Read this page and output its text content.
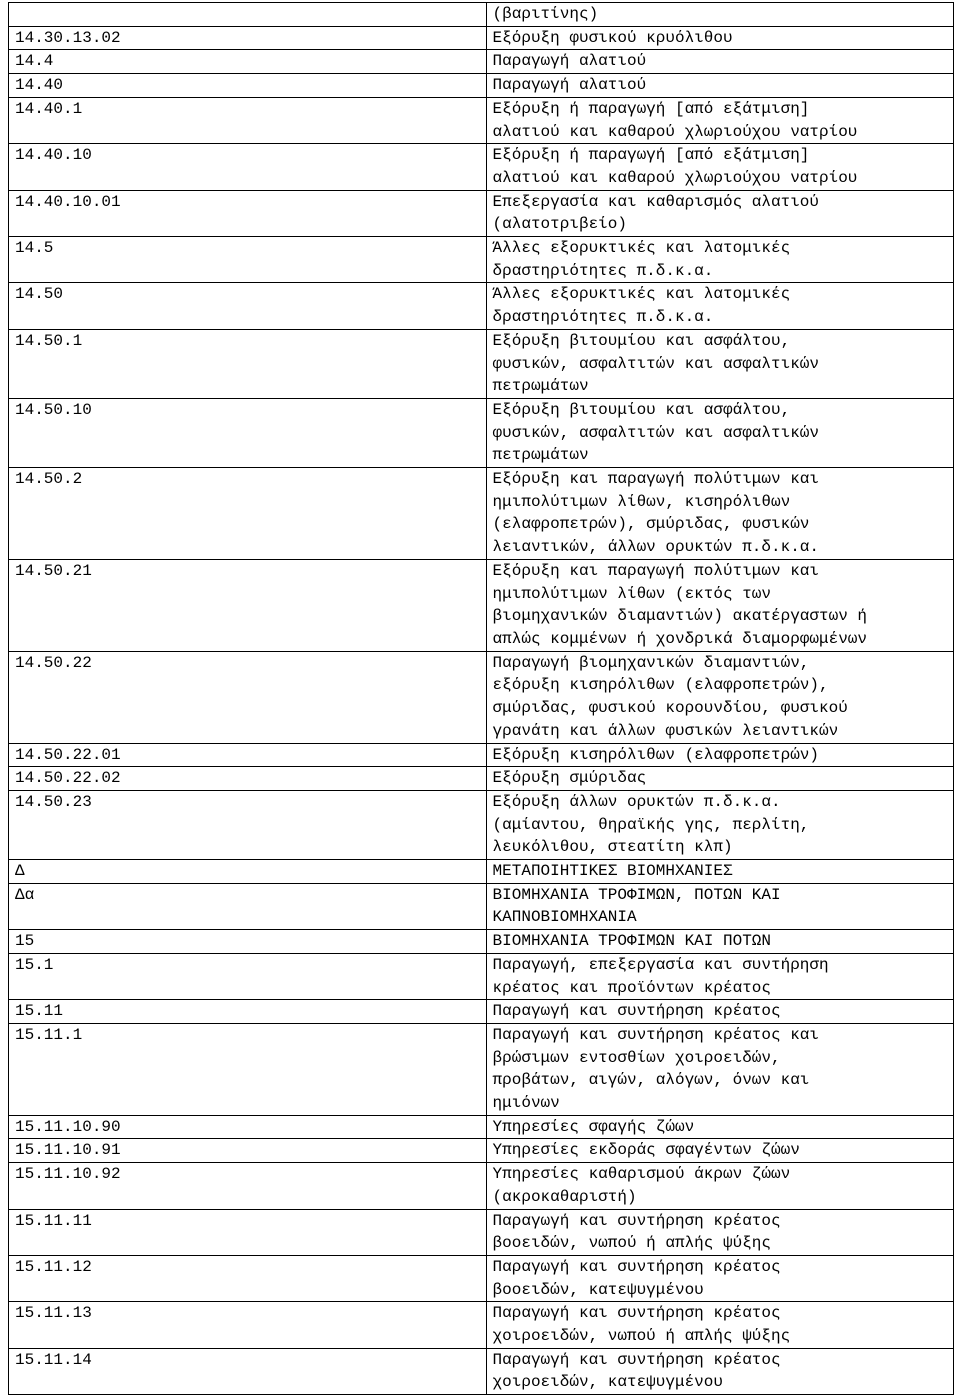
	(βαριτίνης)
14.30.13.02	Εξόρυξη φυσικού κρυόλιθου
14.4	Παραγωγή αλατιού
14.40	Παραγωγή αλατιού
14.40.1	Εξόρυξη ή παραγωγή [από εξάτμιση]
αλατιού και καθαρού χλωριούχου νατρίου
14.40.10	Εξόρυξη ή παραγωγή [από εξάτμιση]
αλατιού και καθαρού χλωριούχου νατρίου
14.40.10.01	Επεξεργασία και καθαρισμός αλατιού
(αλατοτριβείο)
14.5	Άλλες εξορυκτικές και λατομικές
δραστηριότητες π.δ.κ.α.
14.50	Άλλες εξορυκτικές και λατομικές
δραστηριότητες π.δ.κ.α.
14.50.1	Εξόρυξη βιτουμίου και ασφάλτου,
φυσικών, ασφαλτιτών και ασφαλτικών
πετρωμάτων
14.50.10	Εξόρυξη βιτουμίου και ασφάλτου,
φυσικών, ασφαλτιτών και ασφαλτικών
πετρωμάτων
14.50.2	Εξόρυξη και παραγωγή πολύτιμων και
ημιπολύτιμων λίθων, κισηρόλιθων
(ελαφροπετρών), σμύριδας, φυσικών
λειαντικών, άλλων ορυκτών π.δ.κ.α.
14.50.21	Εξόρυξη και παραγωγή πολύτιμων και
ημιπολύτιμων λίθων (εκτός των
βιομηχανικών διαμαντιών) ακατέργαστων ή
απλώς κομμένων ή χονδρικά διαμορφωμένων
14.50.22	Παραγωγή βιομηχανικών διαμαντιών,
εξόρυξη κισηρόλιθων (ελαφροπετρών),
σμύριδας, φυσικού κορουνδίου, φυσικού
γρανάτη και άλλων φυσικών λειαντικών
14.50.22.01	Εξόρυξη κισηρόλιθων (ελαφροπετρών)
14.50.22.02	Εξόρυξη σμύριδας
14.50.23	Εξόρυξη άλλων ορυκτών π.δ.κ.α.
(αμίαντου, θηραϊκής γης, περλίτη,
λευκόλιθου, στεατίτη κλπ)
Δ	ΜΕΤΑΠΟΙΗΤΙΚΕΣ ΒΙΟΜΗΧΑΝΙΕΣ
Δα	ΒΙΟΜΗΧΑΝΙΑ ΤΡΟΦΙΜΩΝ, ΠΟΤΩΝ ΚΑΙ
ΚΑΠΝΟΒΙΟΜΗΧΑΝΙΑ
15	ΒΙΟΜΗΧΑΝΙΑ ΤΡΟΦΙΜΩΝ ΚΑΙ ΠΟΤΩΝ
15.1	Παραγωγή, επεξεργασία και συντήρηση
κρέατος και προϊόντων κρέατος
15.11	Παραγωγή και συντήρηση κρέατος
15.11.1	Παραγωγή και συντήρηση κρέατος και
βρώσιμων εντοσθίων χοιροειδών,
προβάτων, αιγών, αλόγων, όνων και
ημιόνων
15.11.10.90	Υπηρεσίες σφαγής ζώων
15.11.10.91	Υπηρεσίες εκδοράς σφαγέντων ζώων
15.11.10.92	Υπηρεσίες καθαρισμού άκρων ζώων
(ακροκαθαριστή)
15.11.11	Παραγωγή και συντήρηση κρέατος
βοοειδών, νωπού ή απλής ψύξης
15.11.12	Παραγωγή και συντήρηση κρέατος
βοοειδών, κατεψυγμένου
15.11.13	Παραγωγή και συντήρηση κρέατος
χοιροειδών, νωπού ή απλής ψύξης
15.11.14	Παραγωγή και συντήρηση κρέατος
χοιροειδών, κατεψυγμένου
